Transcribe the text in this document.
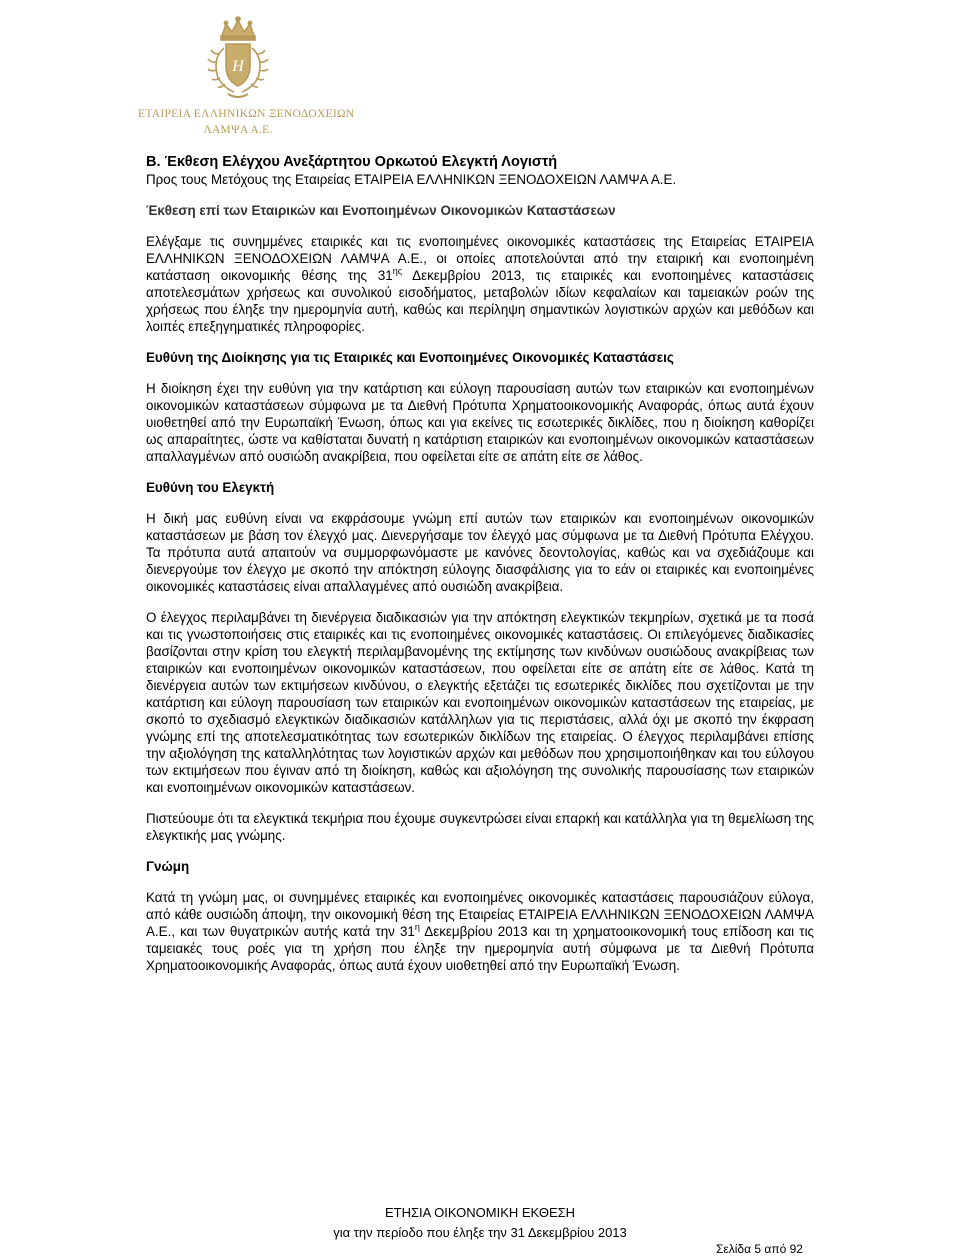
H
ΕΤΑΙΡΕΙΑ ΕΛΛΗΝΙΚΩΝ ΞΕΝΟΔΟΧΕΙΩΝ
ΛΑΜΨΑ Α.Ε.

Β. Έκθεση Ελέγχου Ανεξάρτητου Ορκωτού Ελεγκτή Λογιστή

Προς τους Μετόχους της Εταιρείας ΕΤΑΙΡΕΙΑ ΕΛΛΗΝΙΚΩΝ ΞΕΝΟΔΟΧΕΙΩΝ ΛΑΜΨΑ Α.Ε.

Έκθεση επί των Εταιρικών και Ενοποιημένων Οικονομικών Καταστάσεων

Ελέγξαμε τις συνημμένες εταιρικές και τις ενοποιημένες οικονομικές καταστάσεις της Εταιρείας ΕΤΑΙΡΕΙΑ ΕΛΛΗΝΙΚΩΝ ΞΕΝΟΔΟΧΕΙΩΝ ΛΑΜΨΑ Α.Ε., οι οποίες αποτελούνται από την εταιρική και ενοποιημένη κατάσταση οικονομικής θέσης της $31^{\eta\varsigma}$ Δεκεμβρίου 2013, τις εταιρικές και ενοποιημένες καταστάσεις αποτελεσμάτων χρήσεως και συνολικού εισοδήματος, μεταβολών ιδίων κεφαλαίων και ταμειακών ροών της χρήσεως που έληξε την ημερομηνία αυτή, καθώς και περίληψη σημαντικών λογιστικών αρχών και μεθόδων και λοιπές επεξηγηματικές πληροφορίες.

Ευθύνη της Διοίκησης για τις Εταιρικές και Ενοποιημένες Οικονομικές Καταστάσεις

Η διοίκηση έχει την ευθύνη για την κατάρτιση και εύλογη παρουσίαση αυτών των εταιρικών και ενοποιημένων οικονομικών καταστάσεων σύμφωνα με τα Διεθνή Πρότυπα Χρηματοοικονομικής Αναφοράς, όπως αυτά έχουν υιοθετηθεί από την Ευρωπαϊκή Ένωση, όπως και για εκείνες τις εσωτερικές δικλίδες, που η διοίκηση καθορίζει ως απαραίτητες, ώστε να καθίσταται δυνατή η κατάρτιση εταιρικών και ενοποιημένων οικονομικών καταστάσεων απαλλαγμένων από ουσιώδη ανακρίβεια, που οφείλεται είτε σε απάτη είτε σε λάθος.

Ευθύνη του Ελεγκτή

Η δική μας ευθύνη είναι να εκφράσουμε γνώμη επί αυτών των εταιρικών και ενοποιημένων οικονομικών καταστάσεων με βάση τον έλεγχό μας. Διενεργήσαμε τον έλεγχό μας σύμφωνα με τα Διεθνή Πρότυπα Ελέγχου. Τα πρότυπα αυτά απαιτούν να συμμορφωνόμαστε με κανόνες δεοντολογίας, καθώς και να σχεδιάζουμε και διενεργούμε τον έλεγχο με σκοπό την απόκτηση εύλογης διασφάλισης για το εάν οι εταιρικές και ενοποιημένες οικονομικές καταστάσεις είναι απαλλαγμένες από ουσιώδη ανακρίβεια.

Ο έλεγχος περιλαμβάνει τη διενέργεια διαδικασιών για την απόκτηση ελεγκτικών τεκμηρίων, σχετικά με τα ποσά και τις γνωστοποιήσεις στις εταιρικές και τις ενοποιημένες οικονομικές καταστάσεις. Οι επιλεγόμενες διαδικασίες βασίζονται στην κρίση του ελεγκτή περιλαμβανομένης της εκτίμησης των κινδύνων ουσιώδους ανακρίβειας των εταιρικών και ενοποιημένων οικονομικών καταστάσεων, που οφείλεται είτε σε απάτη είτε σε λάθος. Κατά τη διενέργεια αυτών των εκτιμήσεων κινδύνου, ο ελεγκτής εξετάζει τις εσωτερικές δικλίδες που σχετίζονται με την κατάρτιση και εύλογη παρουσίαση των εταιρικών και ενοποιημένων οικονομικών καταστάσεων της εταιρείας, με σκοπό το σχεδιασμό ελεγκτικών διαδικασιών κατάλληλων για τις περιστάσεις, αλλά όχι με σκοπό την έκφραση γνώμης επί της αποτελεσματικότητας των εσωτερικών δικλίδων της εταιρείας. Ο έλεγχος περιλαμβάνει επίσης την αξιολόγηση της καταλληλότητας των λογιστικών αρχών και μεθόδων που χρησιμοποιήθηκαν και του εύλογου των εκτιμήσεων που έγιναν από τη διοίκηση, καθώς και αξιολόγηση της συνολικής παρουσίασης των εταιρικών και ενοποιημένων οικονομικών καταστάσεων.

Πιστεύουμε ότι τα ελεγκτικά τεκμήρια που έχουμε συγκεντρώσει είναι επαρκή και κατάλληλα για τη θεμελίωση της ελεγκτικής μας γνώμης.

Γνώμη

Κατά τη γνώμη μας, οι συνημμένες εταιρικές και ενοποιημένες οικονομικές καταστάσεις παρουσιάζουν εύλογα, από κάθε ουσιώδη άποψη, την οικονομική θέση της Εταιρείας ΕΤΑΙΡΕΙΑ ΕΛΛΗΝΙΚΩΝ ΞΕΝΟΔΟΧΕΙΩΝ ΛΑΜΨΑ Α.Ε., και των θυγατρικών αυτής κατά την $31^\eta$ Δεκεμβρίου 2013 και τη χρηματοοικονομική τους επίδοση και τις ταμειακές τους ροές για τη χρήση που έληξε την ημερομηνία αυτή σύμφωνα με τα Διεθνή Πρότυπα Χρηματοοικονομικής Αναφοράς, όπως αυτά έχουν υιοθετηθεί από την Ευρωπαϊκή Ένωση.

ΕΤΗΣΙΑ ΟΙΚΟΝΟΜΙΚΗ ΕΚΘΕΣΗ
για την περίοδο που έληξε την 31 Δεκεμβρίου 2013
Σελίδα 5 από 92
